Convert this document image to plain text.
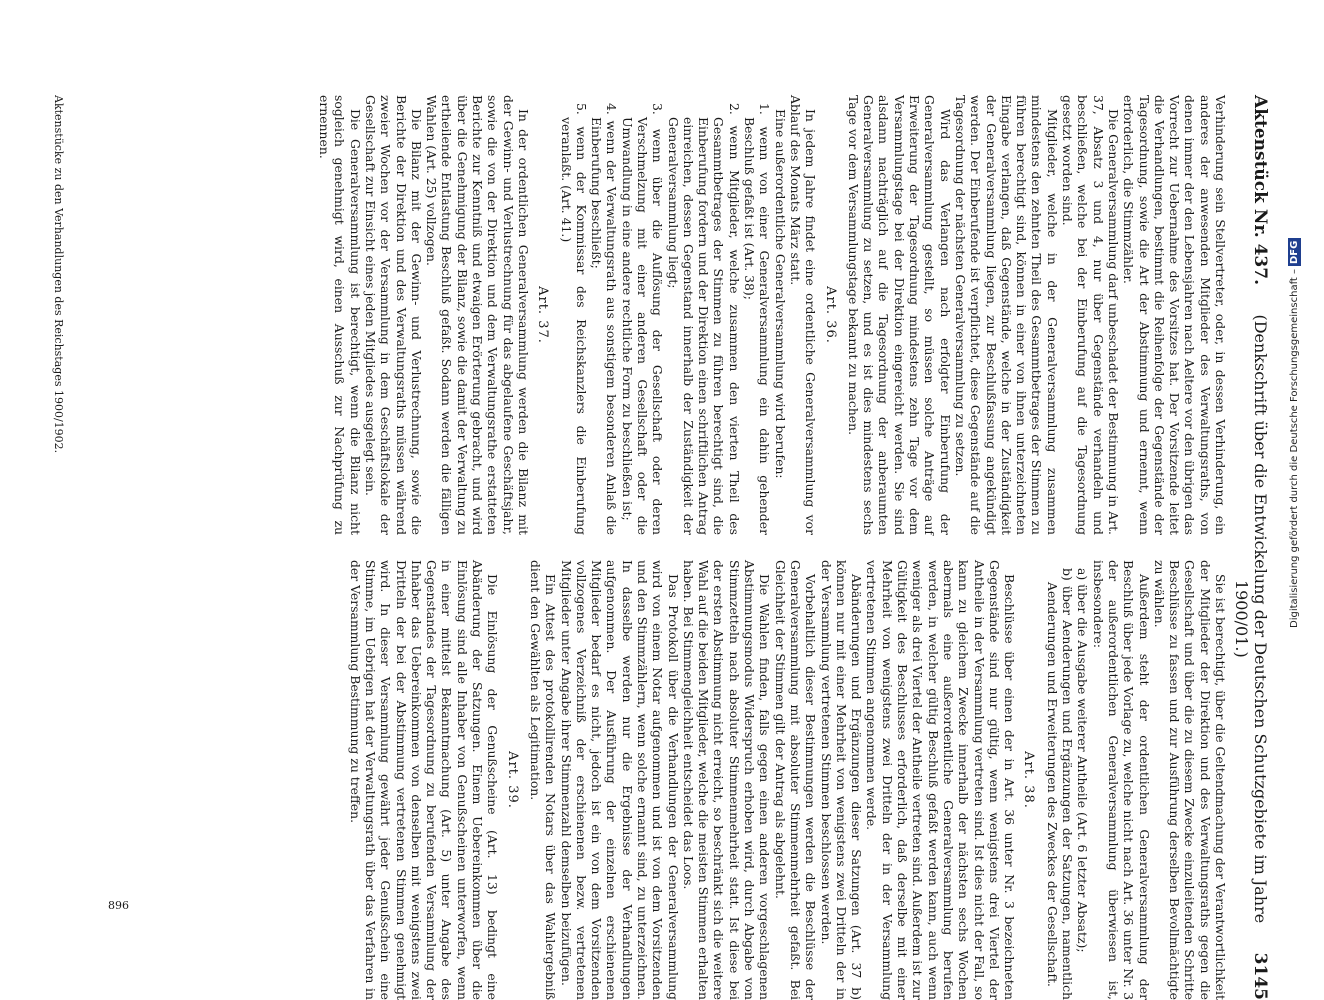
Aktenstück Nr. 437.
(Denkschrift über die Entwickelung der Deutschen Schutzgebiete im Jahre 1900/01.)
3145

Verhinderung sein Stellvertreter, oder, in dessen Verhinderung, ein anderes der anwesenden Mitglieder des Verwaltungsraths, von denen immer der den Lebensjahren nach Aeltere vor den übrigen das Vorrecht zur Uebernahme des Vorsitzes hat. Der Vorsitzende leitet die Verhandlungen, bestimmt die Reihenfolge der Gegenstände der Tagesordnung, sowie die Art der Abstimmung und ernennt, wenn erforderlich, die Stimmzähler.

Die Generalversammlung darf unbeschadet der Bestimmung in Art. 37, Absatz 3 und 4, nur über Gegenstände verhandeln und beschließen, welche bei der Einberufung auf die Tagesordnung gesetzt worden sind.

Mitglieder, welche in der Generalversammlung zusammen mindestens den zehnten Theil des Gesammtbetrages der Stimmen zu führen berechtigt sind, können in einer von ihnen unterzeichneten Eingabe verlangen, daß Gegenstände, welche in der Zuständigkeit der Generalversammlung liegen, zur Beschlußfassung angekündigt werden. Der Einberufende ist verpflichtet, diese Gegenstände auf die Tagesordnung der nächsten Generalversammlung zu setzen.

Wird das Verlangen nach erfolgter Einberufung der Generalversammlung gestellt, so müssen solche Anträge auf Erweiterung der Tagesordnung mindestens zehn Tage vor dem Versammlungstage bei der Direktion eingereicht werden. Sie sind alsdann nachträglich auf die Tagesordnung der anberaumten Generalversammlung zu setzen, und es ist dies mindestens sechs Tage vor dem Versammlungstage bekannt zu machen.

Art. 36.

In jedem Jahre findet eine ordentliche Generalversammlung vor Ablauf des Monats März statt.

Eine außerordentliche Generalversammlung wird berufen:

1. wenn von einer Generalversammlung ein dahin gehender Beschluß gefaßt ist (Art. 38);
2. wenn Mitglieder, welche zusammen den vierten Theil des Gesammtbetrages der Stimmen zu führen berechtigt sind, die Einberufung fordern und der Direktion einen schriftlichen Antrag einreichen, dessen Gegenstand innerhalb der Zuständigkeit der Generalversammlung liegt;
3. wenn über die Auflösung der Gesellschaft oder deren Verschmelzung mit einer anderen Gesellschaft oder die Umwandlung in eine andere rechtliche Form zu beschließen ist;
4. wenn der Verwaltungsrath aus sonstigem besonderen Anlaß die Einberufung beschließt;
5. wenn der Kommissar des Reichskanzlers die Einberufung veranlaßt. (Art. 41.)
Art. 37.

In der ordentlichen Generalversammlung werden die Bilanz mit der Gewinn- und Verlustrechnung für das abgelaufene Geschäftsjahr, sowie die von der Direktion und dem Verwaltungsrathe erstatteten Berichte zur Kenntniß und etwaigen Erörterung gebracht, und wird über die Genehmigung der Bilanz, sowie die damit der Verwaltung zu ertheilende Entlastung Beschluß gefaßt. Sodann werden die fälligen Wahlen (Art. 25) vollzogen.

Die Bilanz mit der Gewinn- und Verlustrechnung, sowie die Berichte der Direktion und des Verwaltungsraths müssen während zweier Wochen vor der Versammlung in dem Geschäftslokale der Gesellschaft zur Einsicht eines jeden Mitgliedes ausgelegt sein.

Die Generalversammlung ist berechtigt, wenn die Bilanz nicht sogleich genehmigt wird, einen Ausschuß zur Nachprüfung zu ernennen.

Sie ist berechtigt, über die Geltendmachung der Verantwortlichkeit der Mitglieder der Direktion und des Verwaltungsraths gegen die Gesellschaft und über die zu diesem Zwecke einzuleitenden Schritte Beschlüsse zu fassen und zur Ausführung derselben Bevollmächtigte zu wählen.

Außerdem steht der ordentlichen Generalversammlung der Beschluß über jede Vorlage zu, welche nicht nach Art. 36 unter Nr. 3 der außerordentlichen Generalversammlung überwiesen ist, insbesondere:

a) über die Ausgabe weiterer Antheile (Art. 6 letzter Absatz);
b) über Aenderungen und Ergänzungen der Satzungen, namentlich Aenderungen und Erweiterungen des Zweckes der Gesellschaft.
Art. 38.

Beschlüsse über einen der in Art. 36 unter Nr. 3 bezeichneten Gegenstände sind nur gültig, wenn wenigstens drei Viertel der Antheile in der Versammlung vertreten sind. Ist dies nicht der Fall, so kann zu gleichem Zwecke innerhalb der nächsten sechs Wochen abermals eine außerordentliche Generalversammlung berufen werden, in welcher gültig Beschluß gefaßt werden kann, auch wenn weniger als drei Viertel der Antheile vertreten sind. Außerdem ist zur Gültigkeit des Beschlusses erforderlich, daß derselbe mit einer Mehrheit von wenigstens zwei Dritteln der in der Versammlung vertretenen Stimmen angenommen werde.

Abänderungen und Ergänzungen dieser Satzungen (Art. 37 b) können nur mit einer Mehrheit von wenigstens zwei Dritteln der in der Versammlung vertretenen Stimmen beschlossen werden.

Vorbehaltlich dieser Bestimmungen werden die Beschlüsse der Generalversammlung mit absoluter Stimmenmehrheit gefaßt. Bei Gleichheit der Stimmen gilt der Antrag als abgelehnt.

Die Wahlen finden, falls gegen einen anderen vorgeschlagenen Abstimmungsmodus Widerspruch erhoben wird, durch Abgabe von Stimmzetteln nach absoluter Stimmenmehrheit statt. Ist diese bei der ersten Abstimmung nicht erreicht, so beschränkt sich die weitere Wahl auf die beiden Mitglieder, welche die meisten Stimmen erhalten haben. Bei Stimmengleichheit entscheidet das Loos.

Das Protokoll über die Verhandlungen der Generalversammlung wird von einem Notar aufgenommen und ist von dem Vorsitzenden und den Stimmzählern, wenn solche ernannt sind, zu unterzeichnen. In dasselbe werden nur die Ergebnisse der Verhandlungen aufgenommen. Der Ausführung der einzelnen erschienenen Mitglieder bedarf es nicht, jedoch ist ein von dem Vorsitzenden vollzogenes Verzeichniß der erschienenen bezw. vertretenen Mitglieder unter Angabe ihrer Stimmenzahl demselben beizufügen.

Ein Attest des protokollirenden Notars über das Wahlergebniß dient den Gewählten als Legitimation.

Art. 39.

Die Einlösung der Genußscheine (Art. 13) bedingt eine Abänderung der Satzungen. Einem Uebereinkommen über die Einlösung sind alle Inhaber von Genußscheinen unterworfen, wenn in einer mittelst Bekanntmachung (Art. 5) unter Angabe des Gegenstandes der Tagesordnung zu berufenden Versammlung der Inhaber das Uebereinkommen von denselben mit wenigstens zwei Dritteln der bei der Abstimmung vertretenen Stimmen genehmigt wird. In dieser Versammlung gewährt jeder Genußschein eine Stimme, im Uebrigen hat der Verwaltungsrath über das Verfahren in der Versammlung Bestimmung zu treffen.

Aktenstücke zu den Verhandlungen des Reichstages 1900/1902.
896
Digitalisierung gefördert durch die Deutsche Forschungsgemeinschaft – DFG
